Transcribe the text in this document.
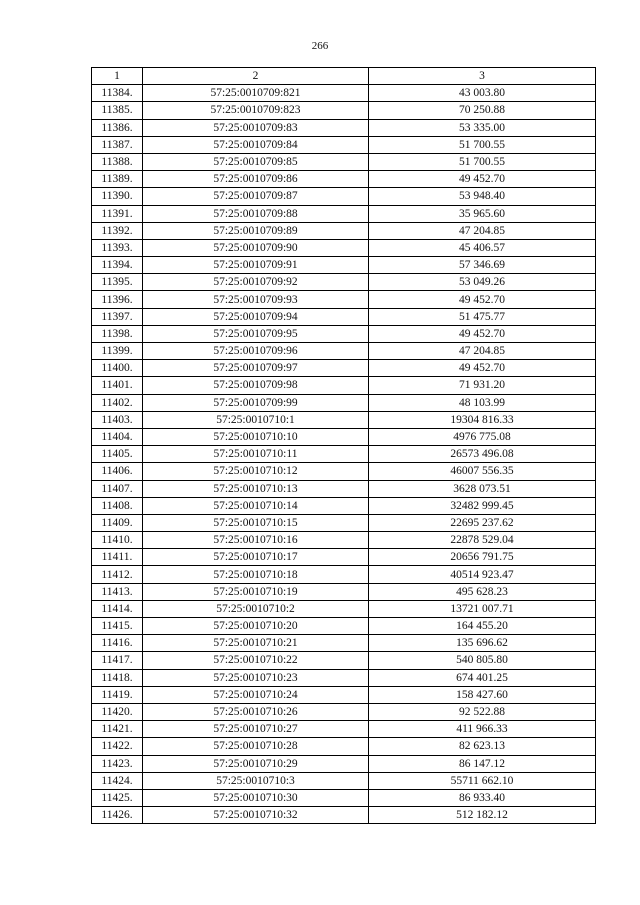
266
1	2	3
11384.	57:25:0010709:821	43 003.80
11385.	57:25:0010709:823	70 250.88
11386.	57:25:0010709:83	53 335.00
11387.	57:25:0010709:84	51 700.55
11388.	57:25:0010709:85	51 700.55
11389.	57:25:0010709:86	49 452.70
11390.	57:25:0010709:87	53 948.40
11391.	57:25:0010709:88	35 965.60
11392.	57:25:0010709:89	47 204.85
11393.	57:25:0010709:90	45 406.57
11394.	57:25:0010709:91	57 346.69
11395.	57:25:0010709:92	53 049.26
11396.	57:25:0010709:93	49 452.70
11397.	57:25:0010709:94	51 475.77
11398.	57:25:0010709:95	49 452.70
11399.	57:25:0010709:96	47 204.85
11400.	57:25:0010709:97	49 452.70
11401.	57:25:0010709:98	71 931.20
11402.	57:25:0010709:99	48 103.99
11403.	57:25:0010710:1	19304 816.33
11404.	57:25:0010710:10	4976 775.08
11405.	57:25:0010710:11	26573 496.08
11406.	57:25:0010710:12	46007 556.35
11407.	57:25:0010710:13	3628 073.51
11408.	57:25:0010710:14	32482 999.45
11409.	57:25:0010710:15	22695 237.62
11410.	57:25:0010710:16	22878 529.04
11411.	57:25:0010710:17	20656 791.75
11412.	57:25:0010710:18	40514 923.47
11413.	57:25:0010710:19	495 628.23
11414.	57:25:0010710:2	13721 007.71
11415.	57:25:0010710:20	164 455.20
11416.	57:25:0010710:21	135 696.62
11417.	57:25:0010710:22	540 805.80
11418.	57:25:0010710:23	674 401.25
11419.	57:25:0010710:24	158 427.60
11420.	57:25:0010710:26	92 522.88
11421.	57:25:0010710:27	411 966.33
11422.	57:25:0010710:28	82 623.13
11423.	57:25:0010710:29	86 147.12
11424.	57:25:0010710:3	55711 662.10
11425.	57:25:0010710:30	86 933.40
11426.	57:25:0010710:32	512 182.12
